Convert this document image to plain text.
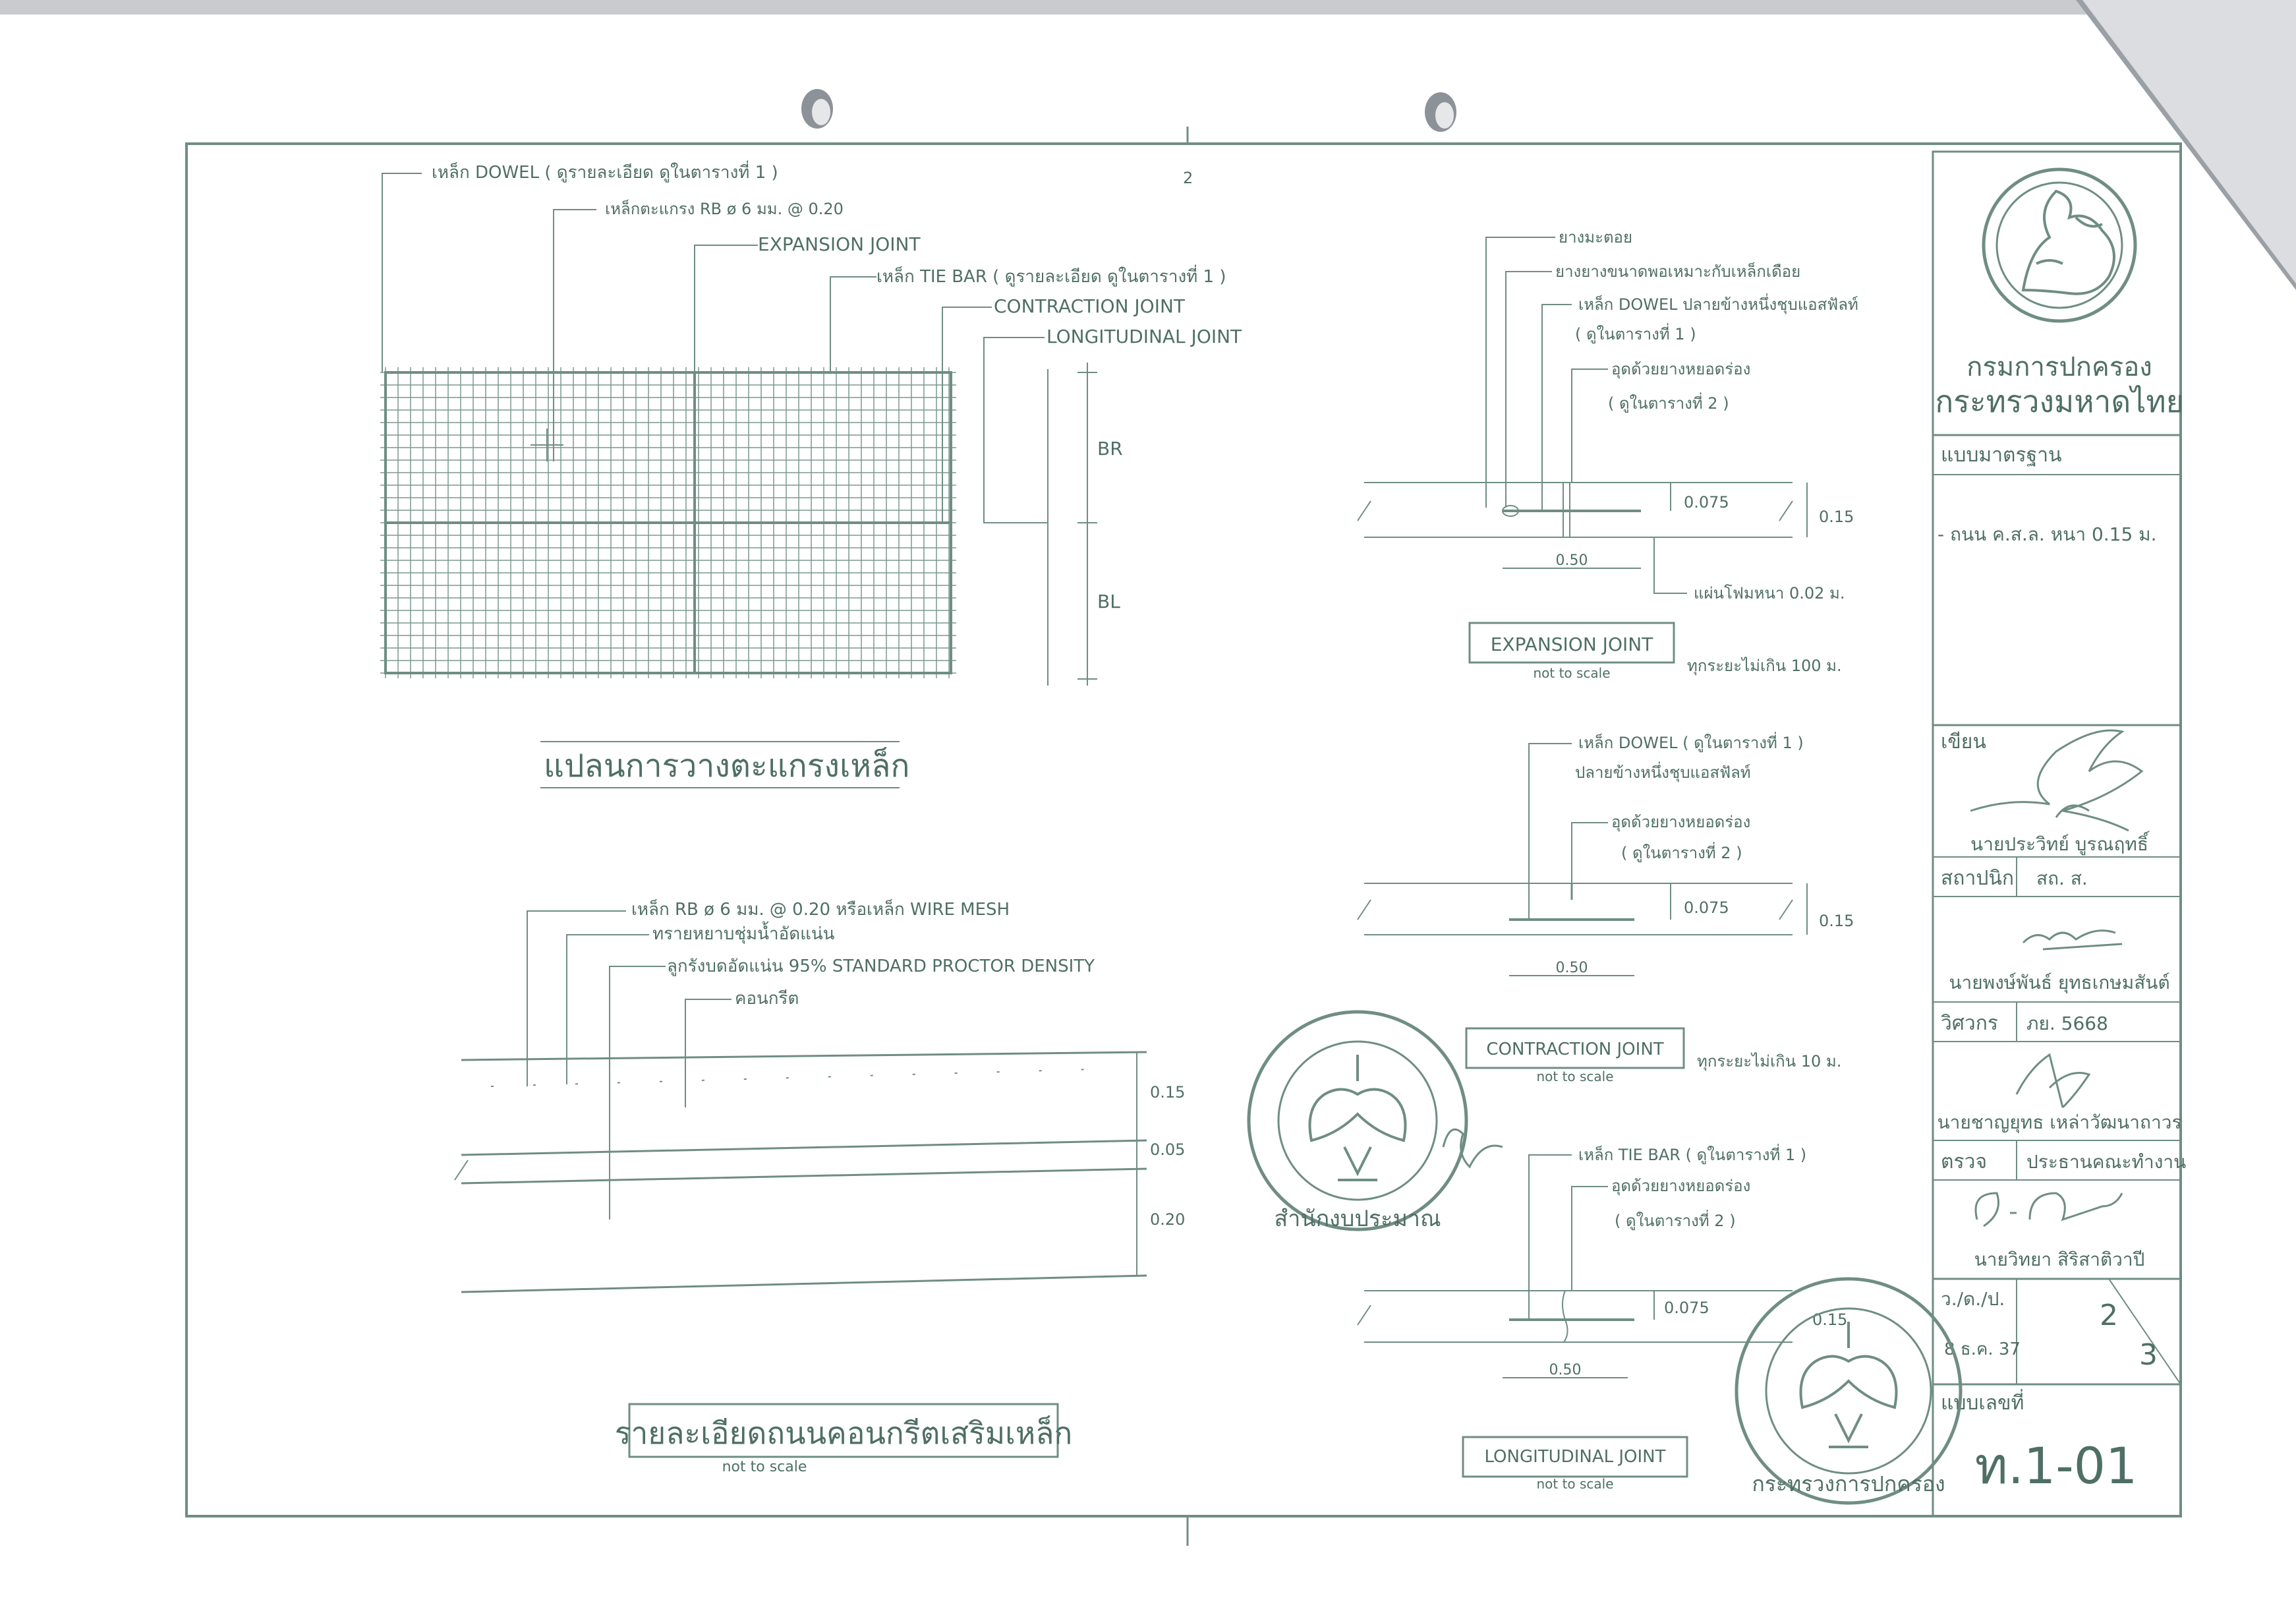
2
กรมการปกครอง
กระทรวงมหาดไทย
แบบมาตรฐาน
- ถนน ค.ส.ล. หนา 0.15 ม.
เขียน
นายประวิทย์ บูรณฤทธิ์
สถาปนิก สถ. ส.
นายพงษ์พันธ์ ยุทธเกษมสันต์
วิศวกร ภย. 5668
นายชาญยุทธ เหล่าวัฒนาถาวร
ตรวจ ประธานคณะทำงาน
นายวิทยา สิริสาติวาปี
ว./ด./ป.
8 ธ.ค. 37
2
3
แบบเลขที่
ท.1-01
เหล็ก DOWEL ( ดูรายละเอียด ดูในตารางที่ 1 )
เหล็กตะแกรง RB ø 6 มม. @ 0.20
EXPANSION JOINT
เหล็ก TIE BAR ( ดูรายละเอียด ดูในตารางที่ 1 )
CONTRACTION JOINT
LONGITUDINAL JOINT
BR
BL
แปลนการวางตะแกรงเหล็ก
เหล็ก RB ø 6 มม. @ 0.20 หรือเหล็ก WIRE MESH
ทรายหยาบชุ่มน้ำอัดแน่น
ลูกรังบดอัดแน่น 95% STANDARD PROCTOR DENSITY
คอนกรีต
0.15
0.05
0.20
รายละเอียดถนนคอนกรีตเสริมเหล็ก
not to scale
ยางมะตอย
ยางยางขนาดพอเหมาะกับเหล็กเดือย
เหล็ก DOWEL ปลายข้างหนึ่งชุบแอสฟัลท์
( ดูในตารางที่ 1 )
อุดด้วยยางหยอดร่อง
( ดูในตารางที่ 2 )
แผ่นโฟมหนา 0.02 ม.
0.075
0.15
0.50
EXPANSION JOINT
not to scale	ทุกระยะไม่เกิน 100 ม.
เหล็ก DOWEL ( ดูในตารางที่ 1 )
ปลายข้างหนึ่งชุบแอสฟัลท์
อุดด้วยยางหยอดร่อง
( ดูในตารางที่ 2 )
0.075
0.15
0.50
CONTRACTION JOINT
not to scale
ทุกระยะไม่เกิน 10 ม.
เหล็ก TIE BAR ( ดูในตารางที่ 1 )
อุดด้วยยางหยอดร่อง
( ดูในตารางที่ 2 )
0.075
0.15
0.50
LONGITUDINAL JOINT
not to scale
สำนักงบประมาณ
กระทรวงการปกครอง
